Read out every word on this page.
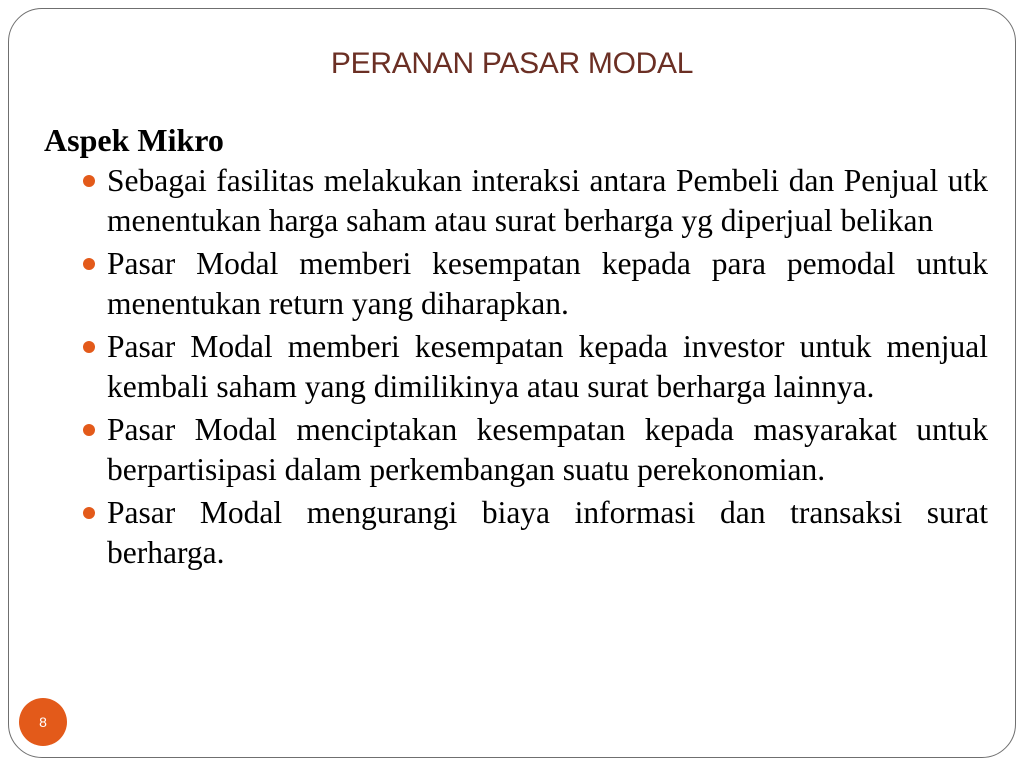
PERANAN PASAR MODAL
Aspek Mikro
Sebagai fasilitas melakukan interaksi antara Pembeli dan Penjual utk menentukan harga saham atau surat berharga yg diperjual belikan
Pasar Modal memberi kesempatan kepada para pemodal untuk menentukan return yang diharapkan.
Pasar Modal memberi kesempatan kepada investor untuk menjual kembali saham yang dimilikinya atau surat berharga lainnya.
Pasar Modal menciptakan kesempatan kepada masyarakat untuk berpartisipasi dalam perkembangan suatu perekonomian.
Pasar Modal mengurangi biaya informasi dan transaksi surat berharga.
8
